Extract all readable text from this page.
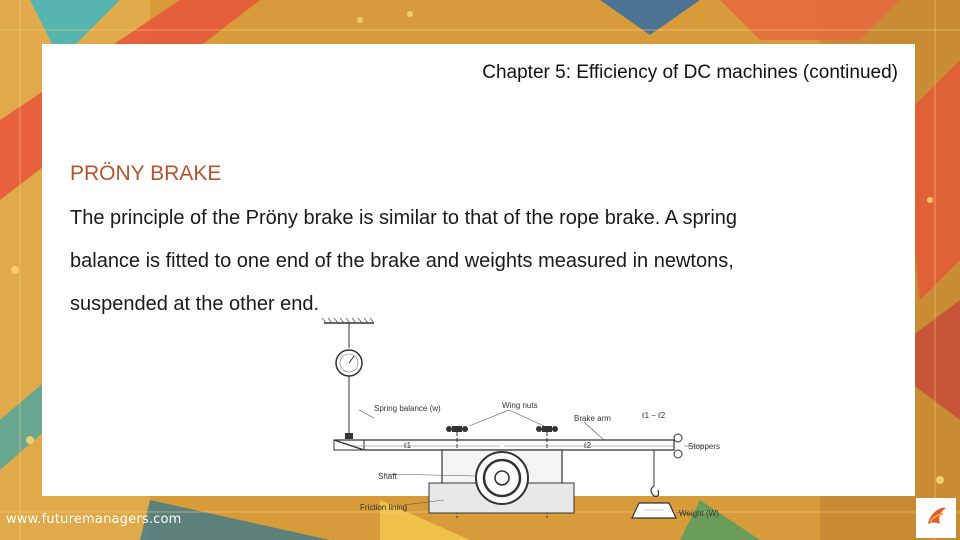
Chapter 5: Efficiency of DC machines (continued)
PRÖNY BRAKE

The principle of the Pröny brake is similar to that of the rope brake. A spring

balance is fitted to one end of the brake and weights measured in newtons,

suspended at the other end.

Spring balance (w)	Wing nuts
Brake arm	ℓ1 − ℓ2
Stoppers
ℓ1	ℓ2
Shaft
Friction lining
Weight (W)
www.futuremanagers.com
